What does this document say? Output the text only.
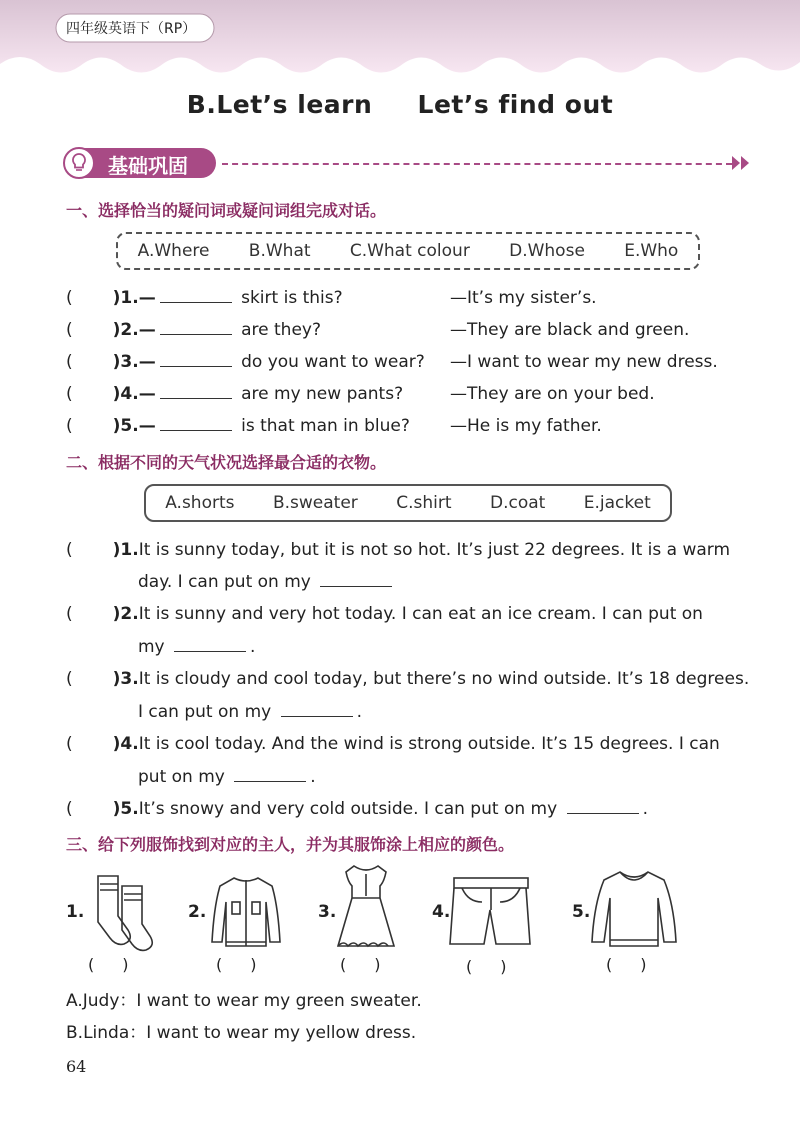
四年级英语下（RP）
B.Let’s learn Let’s find out
基础巩固
一、选择恰当的疑问词或疑问词组完成对话。
A.Where B.What C.What colour D.Whose E.Who
( )1.—	skirt is this?	—It’s my sister’s.
( )2.—	are they?	—They are black and green.
( )3.—	do you want to wear? —I want to wear my new dress.
( )4.—	are my new pants?	—They are on your bed.
( )5.—	is that man in blue? —He is my father.
二、根据不同的天气状况选择最合适的衣物。
A.shorts B.sweater C.shirt D.coat E.jacket
( )1.It is sunny today, but it is not so hot. It’s just 22 degrees. It is a warm
day. I can put on my
( )2.It is sunny and very hot today. I can eat an ice cream. I can put on
my	.
( )3.It is cloudy and cool today, but there’s no wind outside. It’s 18 degrees.
I can put on my	.
( )4.It is cool today. And the wind is strong outside. It’s 15 degrees. I can
put on my	.
( )5.It’s snowy and very cold outside. I can put on my	.
三、给下列服饰找到对应的主人，并为其服饰涂上相应的颜色。
1.
( )
2.
( )
3.
( )
4.
( )
5.
( )
A.Judy：I want to wear my green sweater.
B.Linda：I want to wear my yellow dress.
64
